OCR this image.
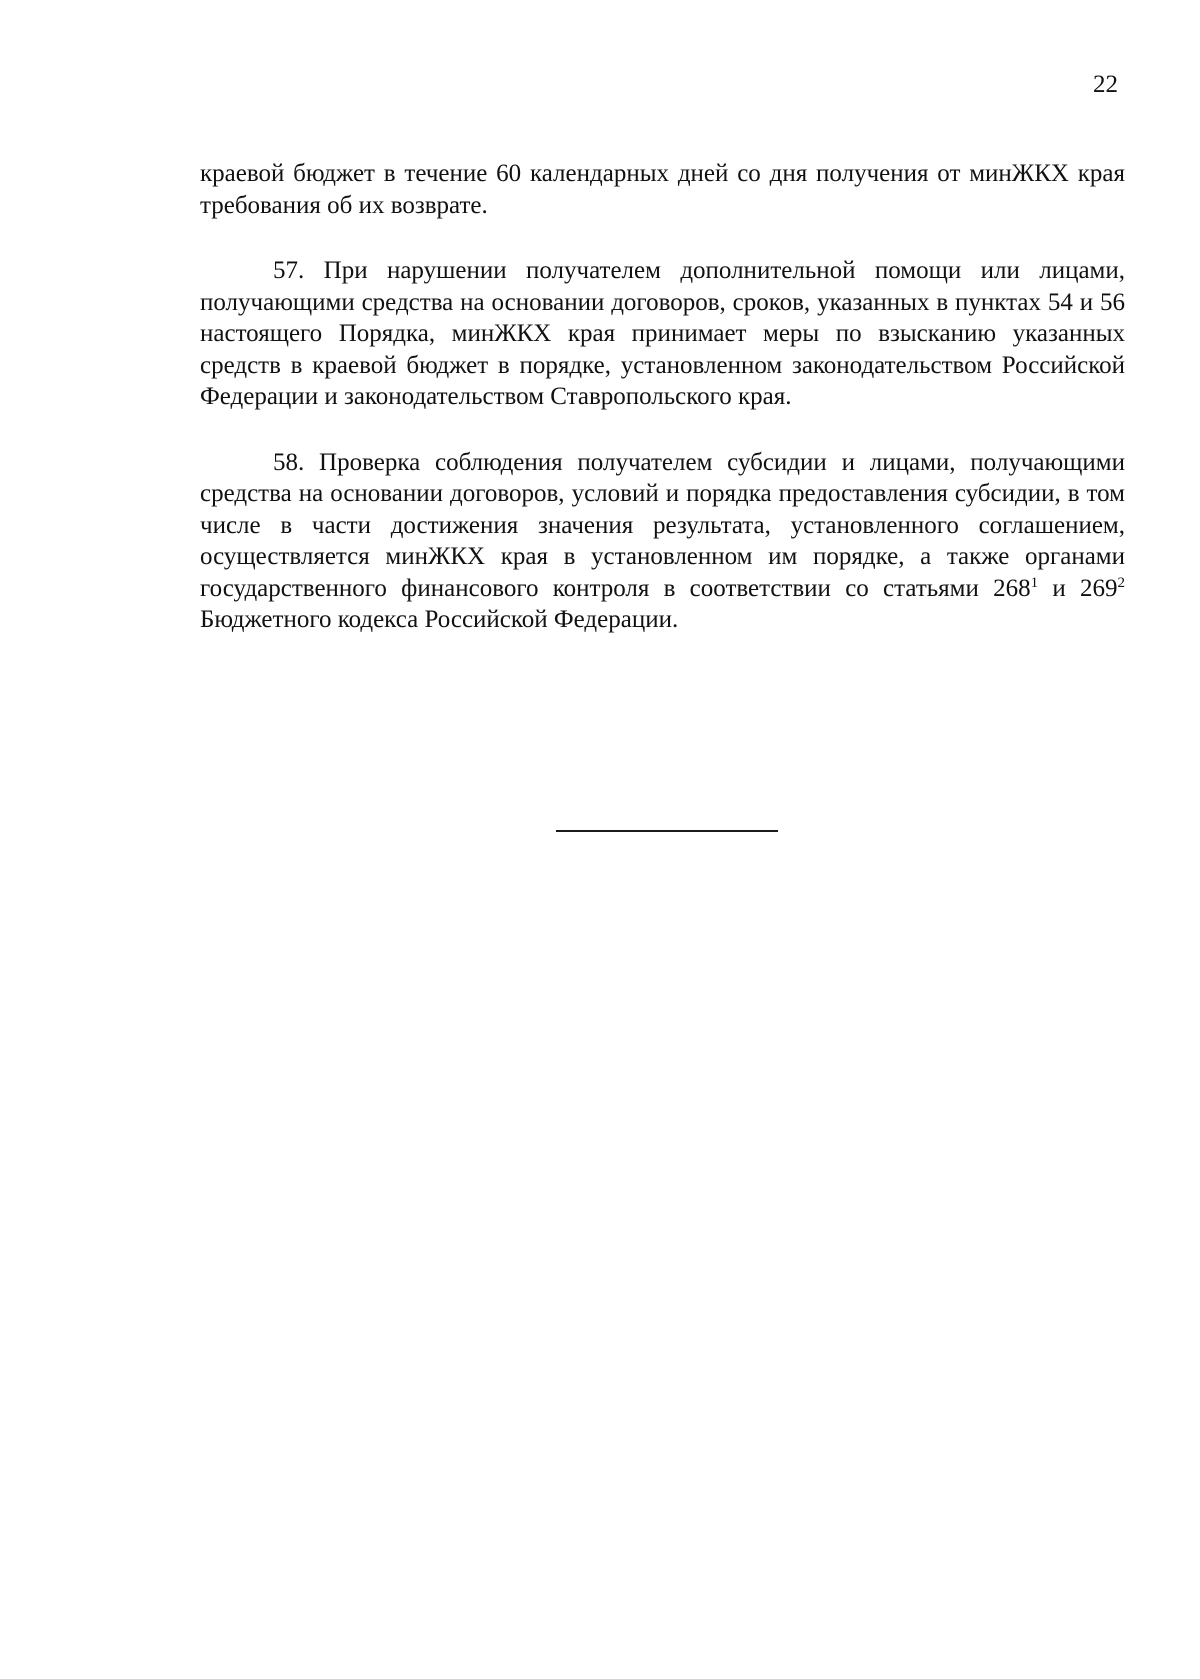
22

краевой бюджет в течение 60 календарных дней со дня получения от минЖКХ края требования об их возврате.

57. При нарушении получателем дополнительной помощи или лицами, получающими средства на основании договоров, сроков, указанных в пунктах 54 и 56 настоящего Порядка, минЖКХ края принимает меры по взысканию указанных средств в краевой бюджет в порядке, установленном законодательством Российской Федерации и законодательством Ставропольского края.

58. Проверка соблюдения получателем субсидии и лицами, получающими средства на основании договоров, условий и порядка предоставления субсидии, в том числе в части достижения значения результата, установленного соглашением, осуществляется минЖКХ края в установленном им порядке, а также органами государственного финансового контроля в соответствии со статьями $268^1$ и $269^2$ Бюджетного кодекса Российской Федерации.
